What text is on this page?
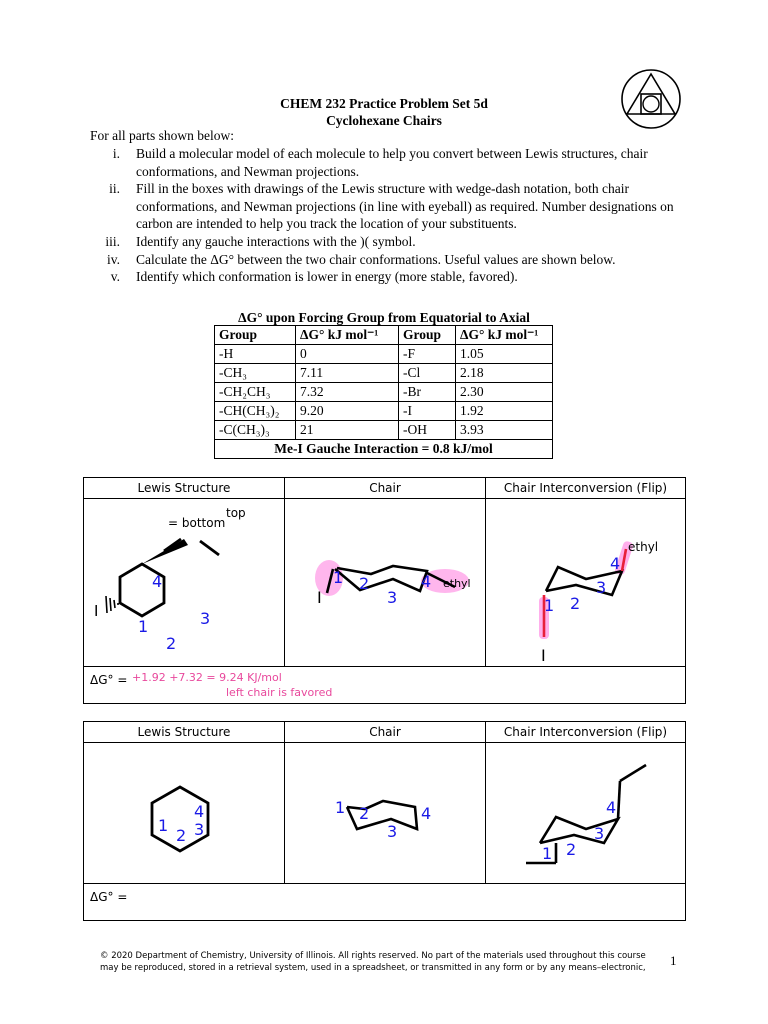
CHEM 232 Practice Problem Set 5d
Cyclohexane Chairs
For all parts shown below:
i. Build a molecular model of each molecule to help you convert between Lewis structures, chair conformations, and Newman projections.
ii. Fill in the boxes with drawings of the Lewis structure with wedge-dash notation, both chair conformations, and Newman projections (in line with eyeball) as required. Number designations on carbon are intended to help you track the location of your substituents.
iii. Identify any gauche interactions with the )( symbol.
iv. Calculate the ΔG° between the two chair conformations. Useful values are shown below.
v. Identify which conformation is lower in energy (more stable, favored).
ΔG° upon Forcing Group from Equatorial to Axial
Group	ΔG° kJ mol⁻¹	Group	ΔG° kJ mol⁻¹
-H	0	-F	1.05
-CH₃	7.11	-Cl	2.18
-CH₂CH₃	7.32	-Br	2.30
-CH(CH₃)₂	9.20	-I	1.92
-C(CH₃)₃	21	-OH	3.93
Me-I Gauche Interaction = 0.8 kJ/mol			
Lewis Structure	Chair	Chair Interconversion (Flip)
I
4
1
2
3
= bottom
top
I
1 2
3
4 ethyl
ethyl
I
1 2
3
4
ΔG° = +1.92 +7.32 = 9.24 KJ/mol
left chair is favored
Lewis Structure	Chair	Chair Interconversion (Flip)
4
1
2 3
1 2
3
4
1 2
3
4
ΔG° =
© 2020 Department of Chemistry, University of Illinois. All rights reserved. No part of the materials used throughout this course may be reproduced, stored in a retrieval system, used in a spreadsheet, or transmitted in any form or by any means–electronic,	1
